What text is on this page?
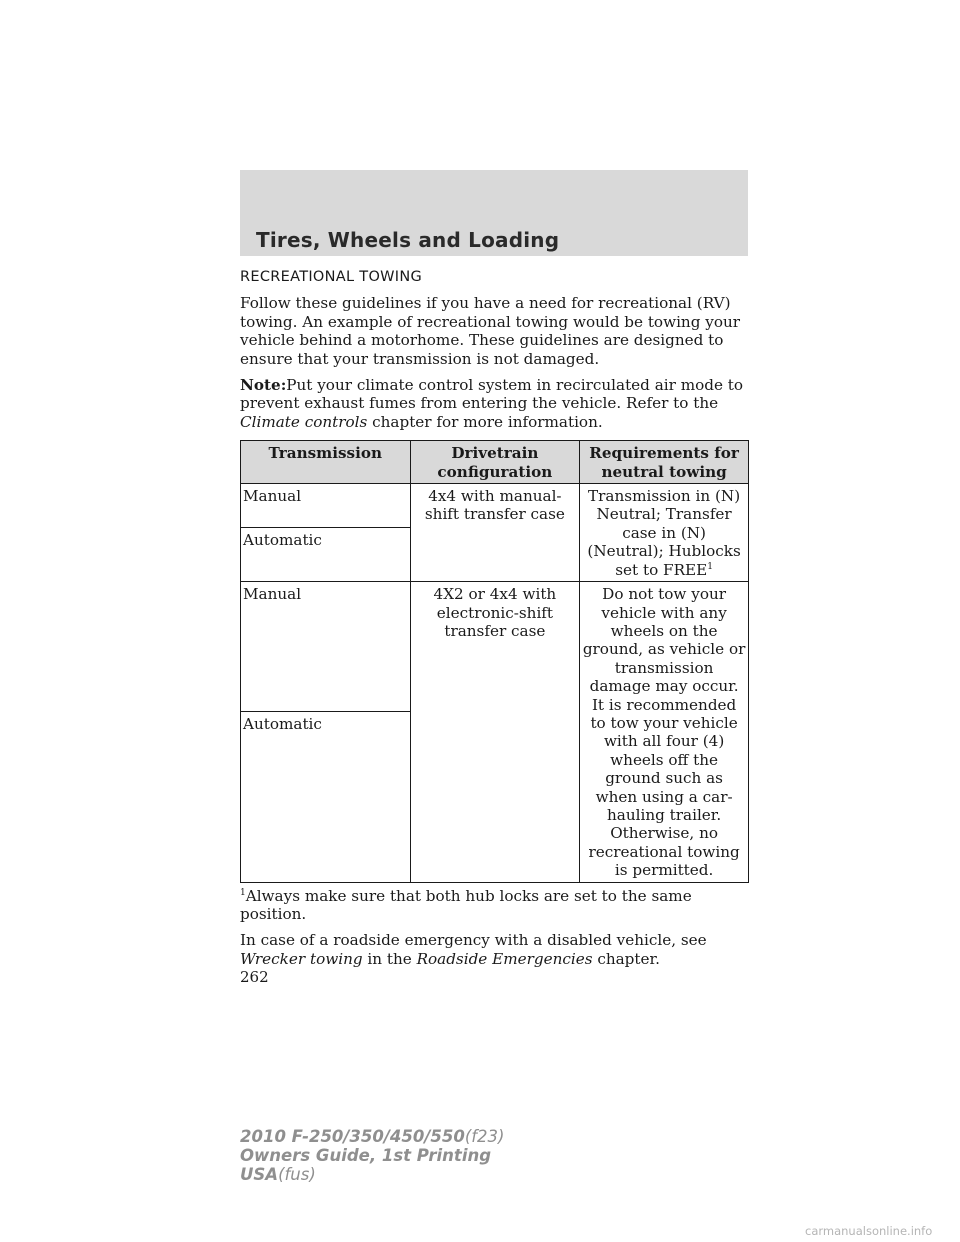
Tires, Wheels and Loading
RECREATIONAL TOWING

Follow these guidelines if you have a need for recreational (RV) towing. An example of recreational towing would be towing your vehicle behind a motorhome. These guidelines are designed to ensure that your transmission is not damaged.

Note:Put your climate control system in recirculated air mode to prevent exhaust fumes from entering the vehicle. Refer to the Climate controls chapter for more information.

Transmission	Drivetrain configuration	Requirements for neutral towing
Manual	4x4 with manual-shift transfer case	Transmission in (N) Neutral; Transfer case in (N) (Neutral); Hublocks set to FREE$^1$
Automatic		
Manual	4X2 or 4x4 with electronic-shift transfer case	Do not tow your vehicle with any wheels on the ground, as vehicle or transmission damage may occur. It is recommended to tow your vehicle with all four (4) wheels off the ground such as when using a car-hauling trailer. Otherwise, no recreational towing is permitted.
Automatic		

$^1$Always make sure that both hub locks are set to the same position.

In case of a roadside emergency with a disabled vehicle, see Wrecker towing in the Roadside Emergencies chapter.

262
2010 F-250/350/450/550(f23)
Owners Guide, 1st Printing
USA(fus)
carmanualsonline.info
